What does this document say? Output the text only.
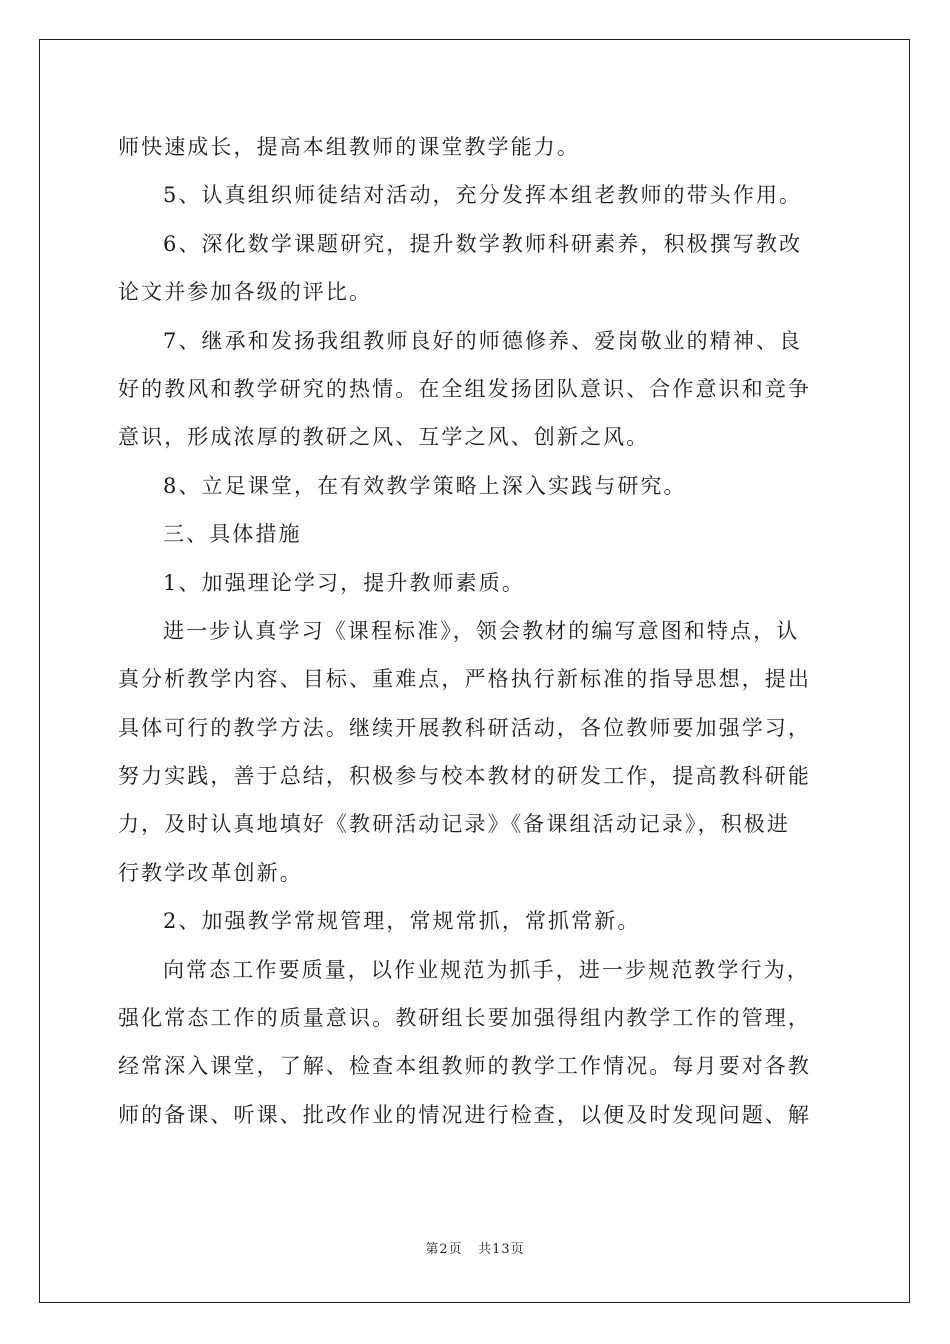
师快速成长，提高本组教师的课堂教学能力。
5、认真组织师徒结对活动，充分发挥本组老教师的带头作用。
6、深化数学课题研究，提升数学教师科研素养，积极撰写教改
论文并参加各级的评比。
7、继承和发扬我组教师良好的师德修养、爱岗敬业的精神、良
好的教风和教学研究的热情。在全组发扬团队意识、合作意识和竞争
意识，形成浓厚的教研之风、互学之风、创新之风。
8、立足课堂，在有效教学策略上深入实践与研究。
三、具体措施
1、加强理论学习，提升教师素质。
进一步认真学习《课程标准》，领会教材的编写意图和特点，认
真分析教学内容、目标、重难点，严格执行新标准的指导思想，提出
具体可行的教学方法。继续开展教科研活动，各位教师要加强学习，
努力实践，善于总结，积极参与校本教材的研发工作，提高教科研能
力，及时认真地填好《教研活动记录》《备课组活动记录》，积极进
行教学改革创新。
2、加强教学常规管理，常规常抓，常抓常新。
向常态工作要质量，以作业规范为抓手，进一步规范教学行为，
强化常态工作的质量意识。教研组长要加强得组内教学工作的管理，
经常深入课堂，了解、检查本组教师的教学工作情况。每月要对各教
师的备课、听课、批改作业的情况进行检查，以便及时发现问题、解
第2页 共13页
